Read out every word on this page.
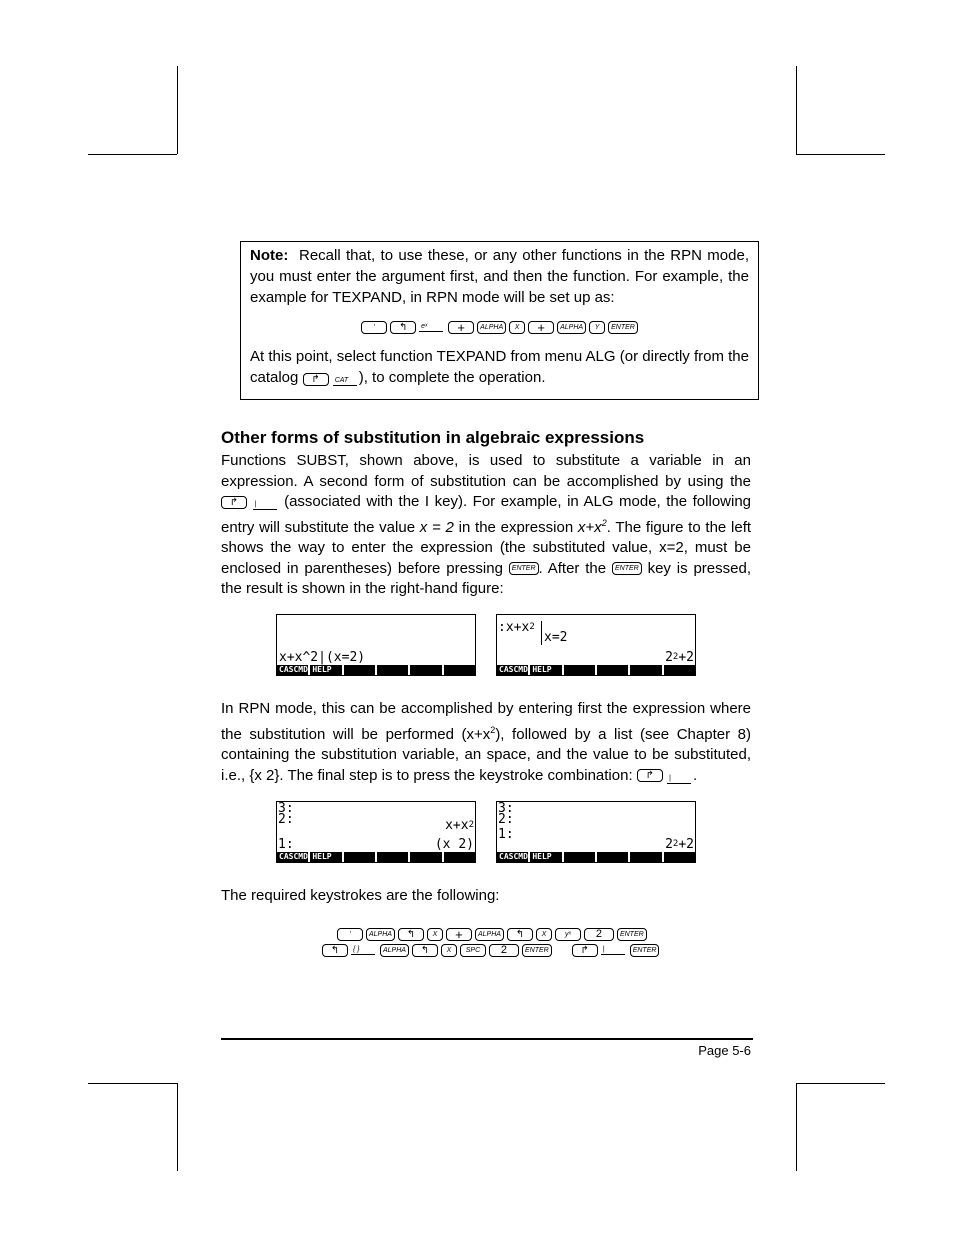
Note: Recall that, to use these, or any other functions in the RPN mode, you must enter the argument first, and then the function. For example, the example for TEXPAND, in RPN mode will be set up as:

'	↰	eˣ	+	ALPHA	X	+	ALPHA	Y	ENTER

At this point, select function TEXPAND from menu ALG (or directly from the catalog ↱ CAT ), to complete the operation.

Other forms of substitution in algebraic expressions
Functions SUBST, shown above, is used to substitute a variable in an expression. A second form of substitution can be accomplished by using the ↱ | (associated with the I key). For example, in ALG mode, the following entry will substitute the value x = 2 in the expression $x+x^2$. The figure to the left shows the way to enter the expression (the substituted value, x=2, must be enclosed in parentheses) before pressing ENTER . After the ENTER key is pressed, the result is shown in the right-hand figure:
x+x^2|(x=2)
CASCMD HELP
$:x+x^2$
x=2
$2^2+2$
CASCMD HELP
In RPN mode, this can be accomplished by entering first the expression where the substitution will be performed $(x+x^2)$, followed by a list (see Chapter 8) containing the substitution variable, an space, and the value to be substituted, i.e., {x 2}. The final step is to press the keystroke combination: ↱ | .
3:
2:	$x+x^2$
1:	(x 2)
CASCMD HELP
3:
2:
1:
$2^2+2$
CASCMD HELP
The required keystrokes are the following:
'	ALPHA	↰	X	+	ALPHA	↰	X	yˣ	2	ENTER
↰	{ }	ALPHA	↰	X	SPC	2	ENTER	↱	|	ENTER
Page 5-6
